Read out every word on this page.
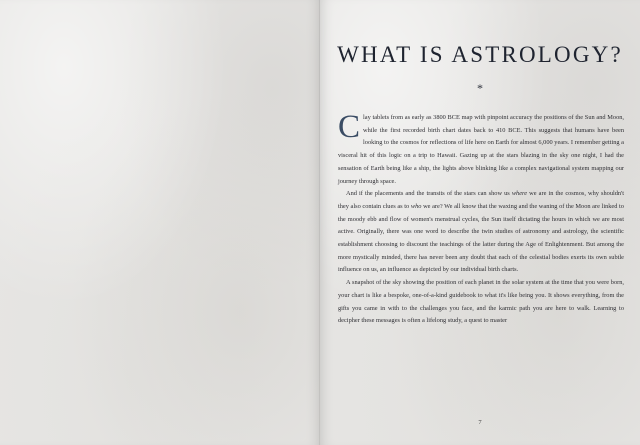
WHAT IS ASTROLOGY?
*

Clay tablets from as early as 3800 BCE map with pinpoint accuracy the positions of the Sun and Moon, while the first recorded birth chart dates back to 410 BCE. This suggests that humans have been looking to the cosmos for reflections of life here on Earth for almost 6,000 years. I remember getting a visceral hit of this logic on a trip to Hawaii. Gazing up at the stars blazing in the sky one night, I had the sensation of Earth being like a ship, the lights above blinking like a complex navigational system mapping our journey through space.

And if the placements and the transits of the stars can show us where we are in the cosmos, why shouldn't they also contain clues as to who we are? We all know that the waxing and the waning of the Moon are linked to the moody ebb and flow of women's menstrual cycles, the Sun itself dictating the hours in which we are most active. Originally, there was one word to describe the twin studies of astronomy and astrology, the scientific establishment choosing to discount the teachings of the latter during the Age of Enlightenment. But among the more mystically minded, there has never been any doubt that each of the celestial bodies exerts its own subtle influence on us, an influence as depicted by our individual birth charts.

A snapshot of the sky showing the position of each planet in the solar system at the time that you were born, your chart is like a bespoke, one-of-a-kind guidebook to what it's like being you. It shows everything, from the gifts you came in with to the challenges you face, and the karmic path you are here to walk. Learning to decipher these messages is often a lifelong study, a quest to master

7
